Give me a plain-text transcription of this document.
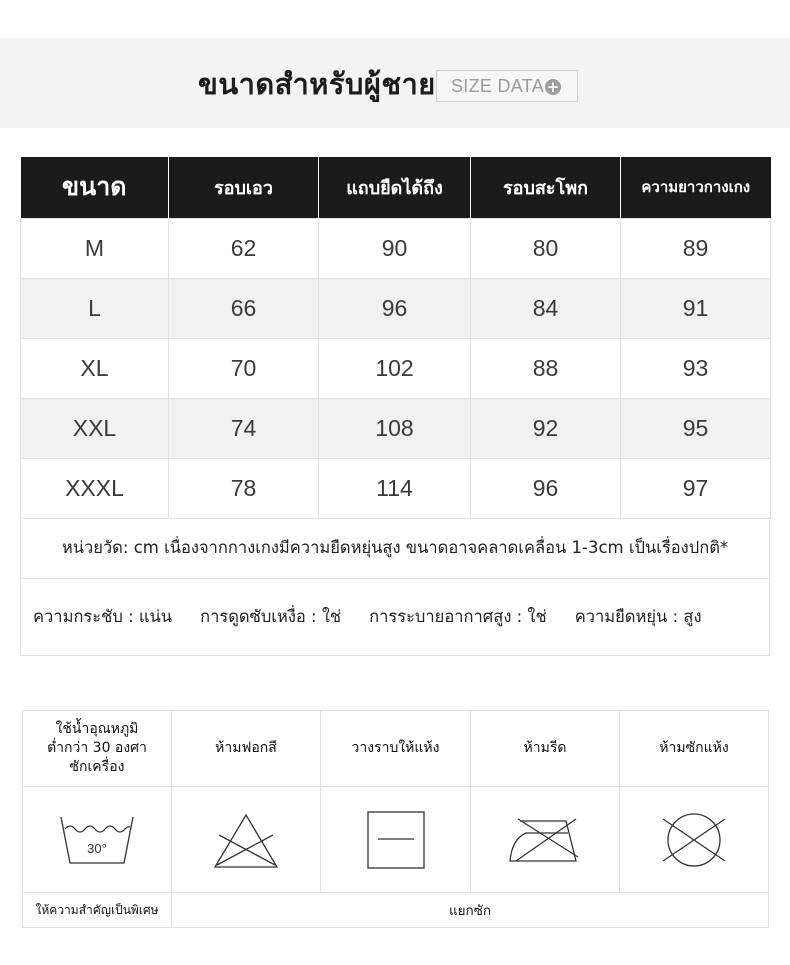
ขนาดสำหรับผู้ชาย SIZE DATA +
ขนาด	รอบเอว	แถบยืดได้ถึง	รอบสะโพก	ความยาวกางเกง
M	62	90	80	89
L	66	96	84	91
XL	70	102	88	93
XXL	74	108	92	95
XXXL	78	114	96	97
หน่วยวัด: cm เนื่องจากกางเกงมีความยืดหยุ่นสูง ขนาดอาจคลาดเคลื่อน 1-3cm เป็นเรื่องปกติ*
ความกระชับ : แน่น การดูดซับเหงื่อ : ใช่ การระบายอากาศสูง : ใช่ ความยืดหยุ่น : สูง
ใช้น้ำอุณหภูมิ
ต่ำกว่า 30 องศา
ซักเครื่อง	ห้ามฟอกสี	วางราบให้แห้ง	ห้ามรีด	ห้ามซักแห้ง

30°

ให้ความสำคัญเป็นพิเศษ	แยกซัก			
